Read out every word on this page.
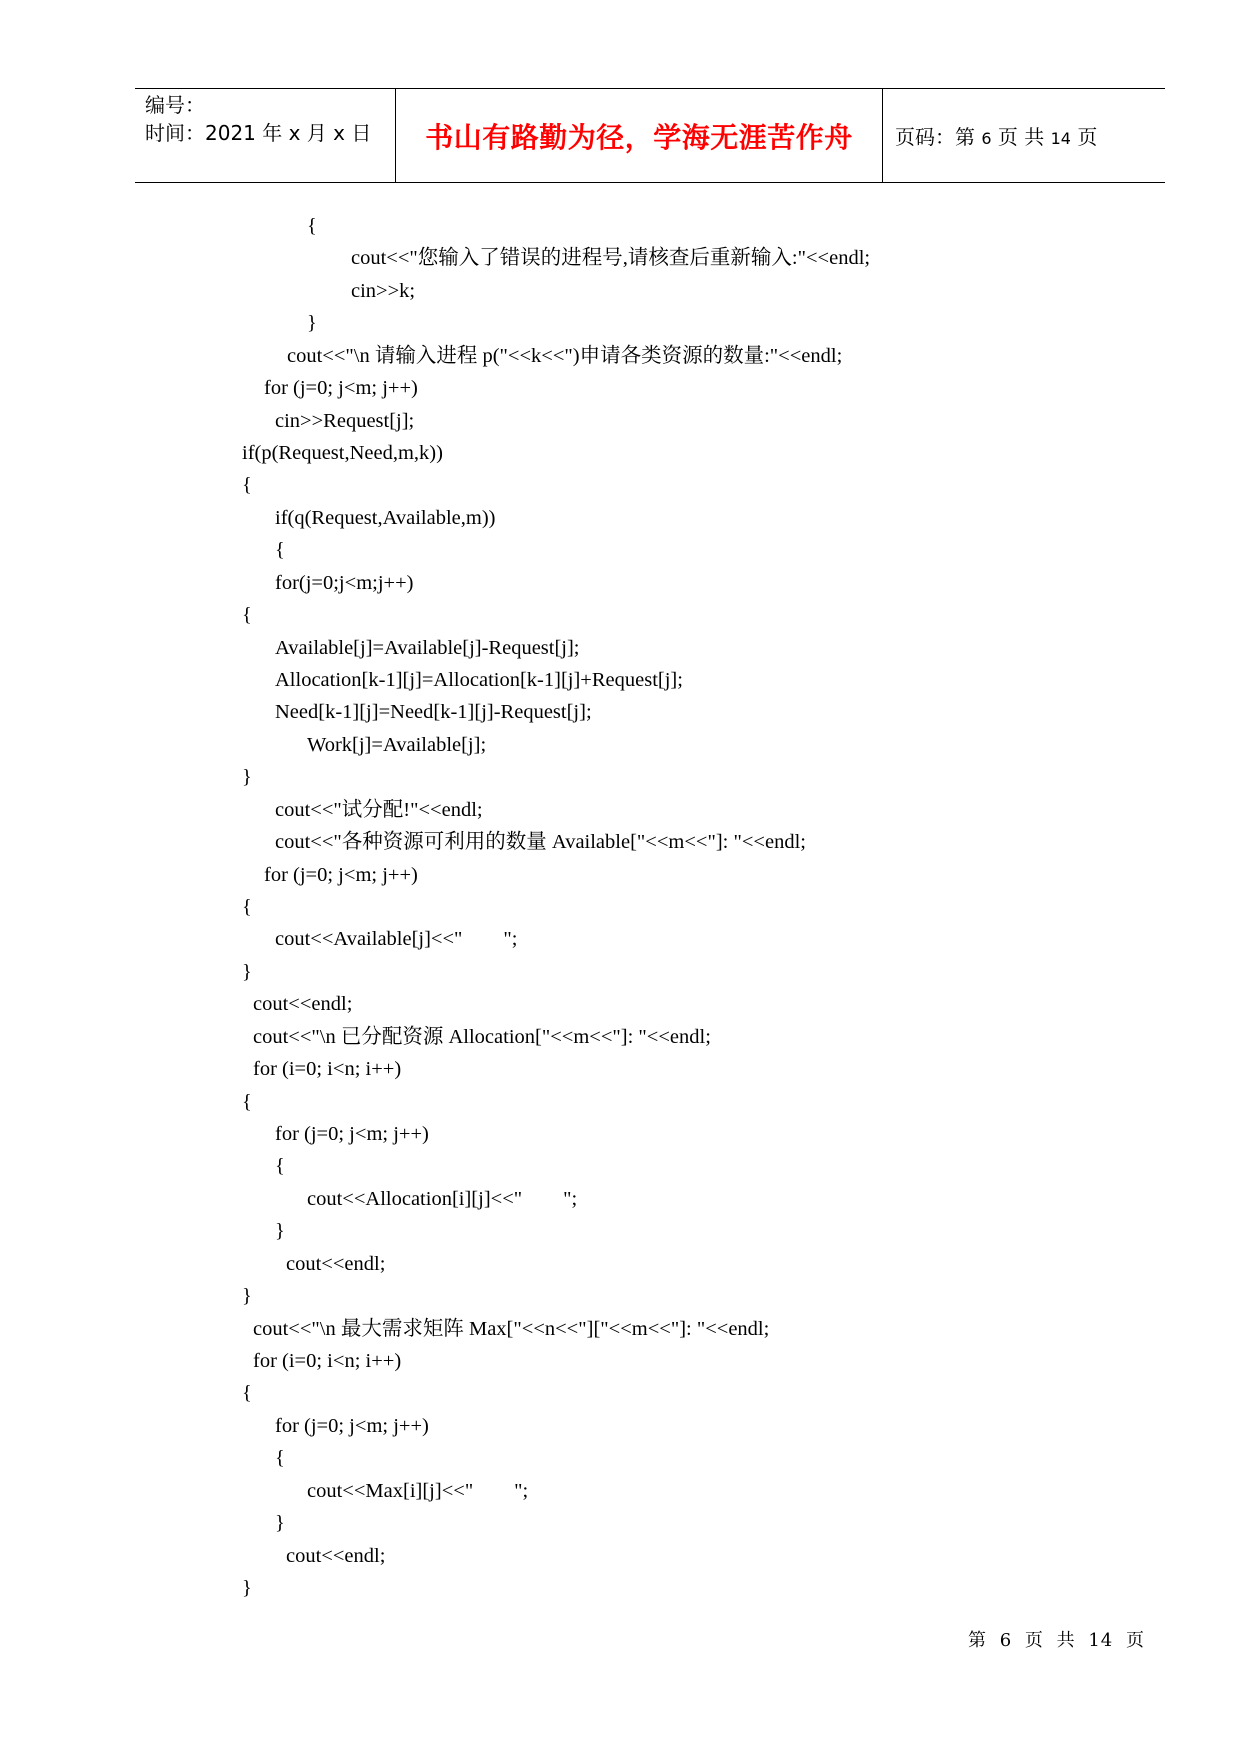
编号：
时间：2021 年 x 月 x 日 书山有路勤为径，学海无涯苦作舟 页码：第 6 页 共 14 页
{
cout<<"您输入了错误的进程号,请核查后重新输入:"<<endl;
cin>>k;
}
cout<<"\n 请输入进程 p("<<k<<")申请各类资源的数量:"<<endl;
for (j=0; j<m; j++)
cin>>Request[j];
if(p(Request,Need,m,k))
{
if(q(Request,Available,m))
{
for(j=0;j<m;j++)
{
Available[j]=Available[j]-Request[j];
Allocation[k-1][j]=Allocation[k-1][j]+Request[j];
Need[k-1][j]=Need[k-1][j]-Request[j];
Work[j]=Available[j];
}
cout<<"试分配!"<<endl;
cout<<"各种资源可利用的数量 Available["<<m<<"]: "<<endl;
for (j=0; j<m; j++)
{
cout<<Available[j]<<"        ";
}
cout<<endl;
cout<<"\n 已分配资源 Allocation["<<m<<"]: "<<endl;
for (i=0; i<n; i++)
{
for (j=0; j<m; j++)
{
cout<<Allocation[i][j]<<"        ";
}
cout<<endl;
}
cout<<"\n 最大需求矩阵 Max["<<n<<"]["<<m<<"]: "<<endl;
for (i=0; i<n; i++)
{
for (j=0; j<m; j++)
{
cout<<Max[i][j]<<"        ";
}
cout<<endl;
}
第 6 页 共 14 页
